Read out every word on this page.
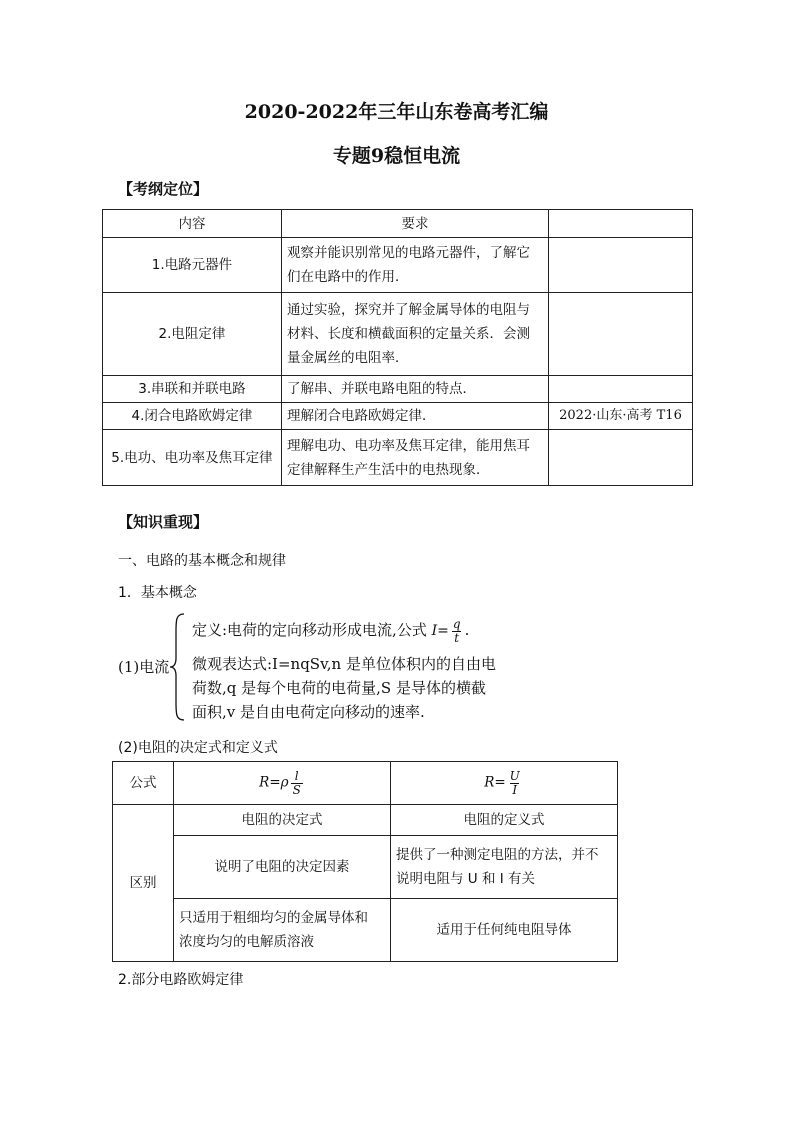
2020-2022年三年山东卷高考汇编
专题9稳恒电流
【考纲定位】
内容	要求	
1.电路元器件	观察并能识别常见的电路元器件，了解它
们在电路中的作用．	

2.电阻定律	通过实验，探究并了解金属导体的电阻与
材料、长度和横截面积的定量关系．会测
量金属丝的电阻率．	

3.串联和并联电路	了解串、并联电路电阻的特点．	

4.闭合电路欧姆定律	理解闭合电路欧姆定律．	2022·山东·高考 T16
5.电功、电功率及焦耳定律	理解电功、电功率及焦耳定律，能用焦耳
定律解释生产生活中的电热现象．	

【知识重现】
一、电路的基本概念和规律
1．基本概念
(1)电流
定义:电荷的定向移动形成电流,公式 $I= \frac{q}{t}$ .
微观表达式:I=nqSv,n 是单位体积内的自由电
荷数,q 是每个电荷的电荷量,S 是导体的横截
面积,v 是自由电荷定向移动的速率.
(2)电阻的决定式和定义式
公式	$R=\rho \frac{l}{S}$	$R= \frac{U}{I}$

区别	电阻的决定式	电阻的定义式
	说明了电阻的决定因素	提供了一种测定电阻的方法，并不
说明电阻与 U 和 I 有关

	只适用于粗细均匀的金属导体和
浓度均匀的电解质溶液	适用于任何纯电阻导体
2.部分电路欧姆定律
